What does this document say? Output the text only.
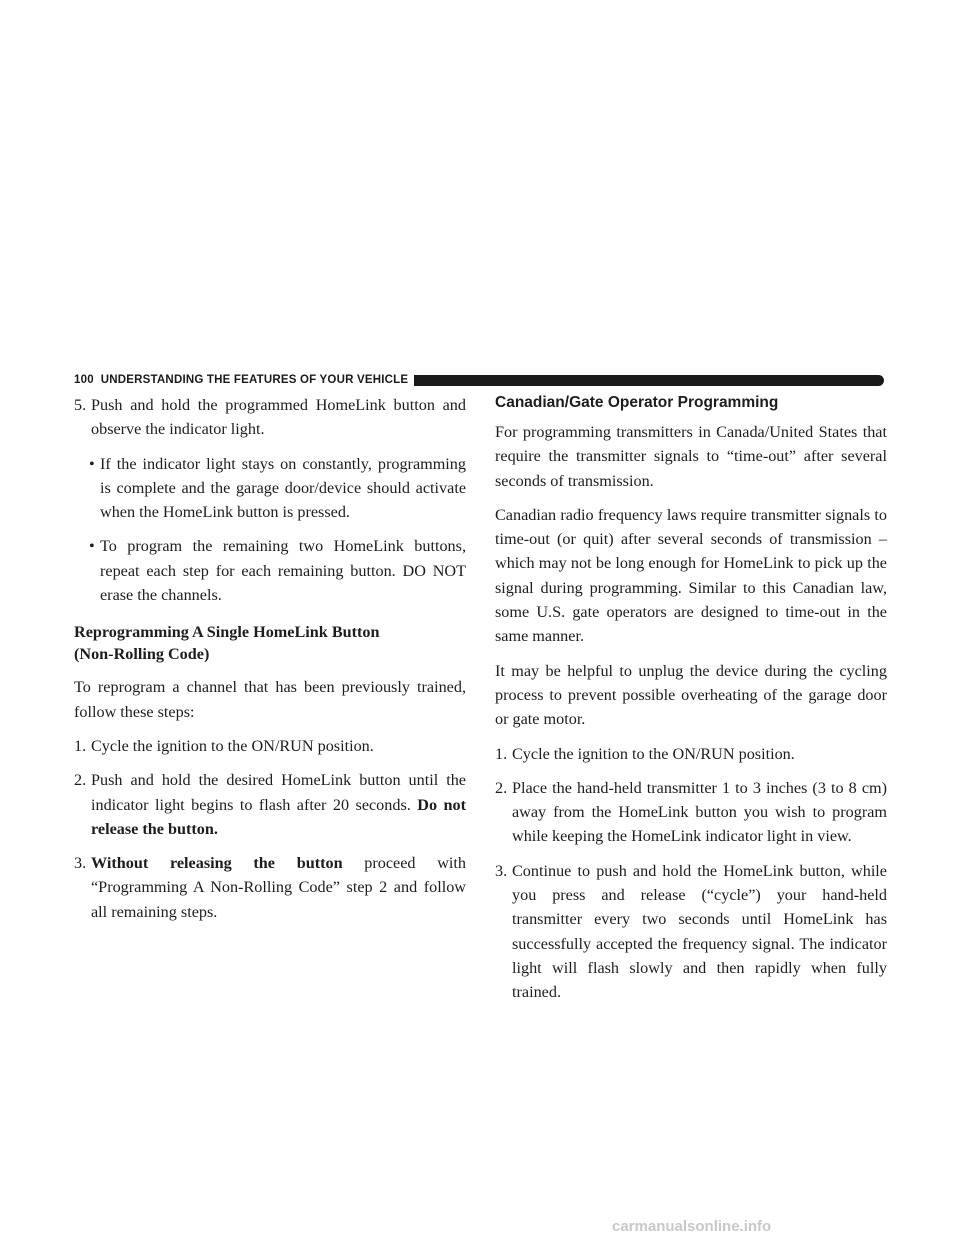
100 UNDERSTANDING THE FEATURES OF YOUR VEHICLE
5. Push and hold the programmed HomeLink button and observe the indicator light.
• If the indicator light stays on constantly, programming is complete and the garage door/device should activate when the HomeLink button is pressed.
• To program the remaining two HomeLink buttons, repeat each step for each remaining button. DO NOT erase the channels.
Reprogramming A Single HomeLink Button
(Non-Rolling Code)

To reprogram a channel that has been previously trained, follow these steps:

1. Cycle the ignition to the ON/RUN position.
2. Push and hold the desired HomeLink button until the indicator light begins to flash after 20 seconds. Do not release the button.
3. Without releasing the button proceed with “Programming A Non-Rolling Code” step 2 and follow all remaining steps.
Canadian/Gate Operator Programming

For programming transmitters in Canada/United States that require the transmitter signals to “time-out” after several seconds of transmission.

Canadian radio frequency laws require transmitter signals to time-out (or quit) after several seconds of transmission – which may not be long enough for HomeLink to pick up the signal during programming. Similar to this Canadian law, some U.S. gate operators are designed to time-out in the same manner.

It may be helpful to unplug the device during the cycling process to prevent possible overheating of the garage door or gate motor.

1. Cycle the ignition to the ON/RUN position.
2. Place the hand-held transmitter 1 to 3 inches (3 to 8 cm) away from the HomeLink button you wish to program while keeping the HomeLink indicator light in view.
3. Continue to push and hold the HomeLink button, while you press and release (“cycle”) your hand-held transmitter every two seconds until HomeLink has successfully accepted the frequency signal. The indicator light will flash slowly and then rapidly when fully trained.
carmanualsonline.info
